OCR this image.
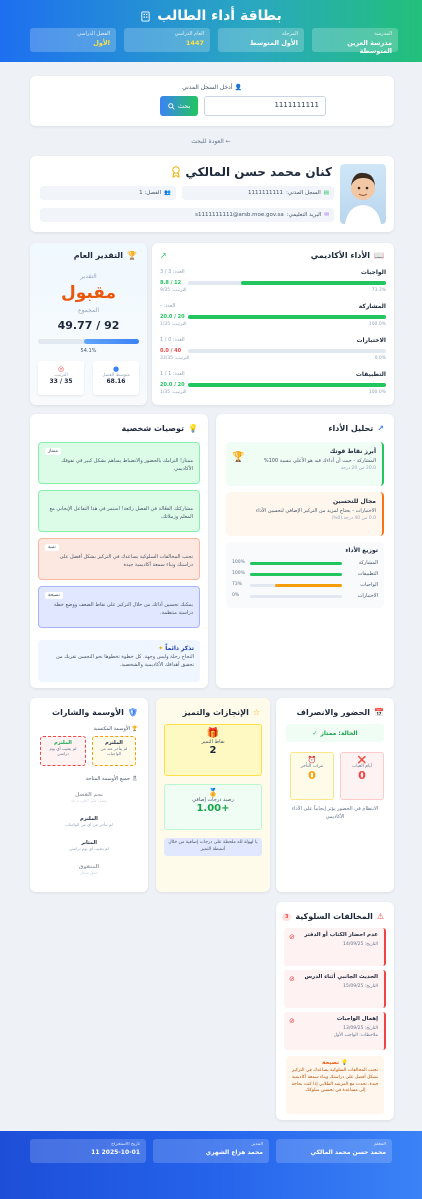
بطاقة أداء الطالب
المدرسة
مدرسة العرين المتوسطة
المرحلة
الأول المتوسط
العام الدراسي
1447
الفصل الدراسي
الأول
👤 أدخل السجل المدني
1111111111
بحث
← العودة للبحث
كنان محمد حسن المالكي
▤
السجل المدني:
1111111111
👥
الفصل: 1
✉
البريد التعليمي:
s1111111111@arsb.moe.gov.sa
📖
الأداء الأكاديمي
↗
الواجبات
العدد: 3 / 3
12 / 8.8
الترتيب: 9/35	73.3%
المشاركة
العدد: -
20 / 20.0
الترتيب: 1/35	100.0%
الاختبارات
العدد: 0 / 1
40 / 0.0
الترتيب: 33/35	0.0%
التطبيقات
العدد: 1 / 1
20 / 20.0
الترتيب: 1/35	100.0%
🏆
التقدير العام
التقدير
مقبول
المجموع
92 / 49.77
54.1%
●
متوسط الفصل
68.16
◎
الترتيب
35 / 33
💡
توصيات شخصية
تذكر دائماً ✦
النجاح رحلة وليس وجهة. كل خطوة تخطوها نحو التحسن تقربك من تحقيق أهدافك الأكاديمية والشخصية.
ممتاز
ممتاز! التزامك بالحضور والانضباط يساهم بشكل كبير في تفوقك الأكاديمي
مشاركتك الفعّالة في الفصل رائعة! استمر في هذا التفاعل الإيجابي مع المعلم وزملائك.
تنبيه
تجنب المخالفات السلوكية يساعدك في التركيز بشكل أفضل على دراستك وبناء سمعة أكاديمية جيدة
نصيحة
يمكنك تحسين أدائك من خلال التركيز على نقاط الضعف ووضع خطة دراسية منتظمة.
↗
تحليل الأداء
أبرز نقاط قوتك
المشاركة - حيث أن أداءك فيه هو الأعلى بنسبة 100%
20.0 من 20 درجة
🏆
مجال للتحسين
الاختبارات - يحتاج لمزيد من التركيز الإضافي لتحسين الأداء
0.0 من 40 درجة (0%)
توزيع الأداء
المشاركة
100%
التطبيقات
100%
الواجبات
73%
الاختبارات
0%
📅
الحضور والانصراف
الحالة: ممتاز
✓
❌
أيام الغياب
0
⏰
مرات التأخر
0
الانتظام في الحضور يؤثر إيجابياً على الأداء الأكاديمي
☆
الإنجازات والتميز
🎁
نقاط التميز
2
🏅
رصيد درجات إضافي
+1.00
يا لهولة لله ملحظة على درجات إضافية من خلال أنشطة التميز
🛡
الأوسمة والشارات
🏆 الأوسمة المكتسبة
الملتزم
لم يتأخر عند من الواجبات
الملتزم
لم يتغيب أي يوم دراسي
🎗 جميع الأوسمة المتاحة
نجم الفصل
حصل على أعلى درجة
الملتزم
لم يتأخر عن أي من الواجبات
المثابر
لم يتغيب أي يوم دراسي
المتفوق
حقق ممتاز
⚠
المخالفات السلوكية
3
💡 نصيحة
تجنب المخالفات السلوكية يساعدك في التركيز بشكل أفضل على دراستك وبناء سمعة أكاديمية جيدة. تحدث مع المرشد الطلابي إذا كنت بحاجة إلى مساعدة في تحسين سلوكك.
عدم احضار الكتاب أو الدفتر
التاريخ: 14/09/25
⊘
الحديث الجانبي أثناء الدرس
التاريخ: 15/09/25
⊘
إهمال الواجبات
التاريخ: 13/09/25
ملاحظات: الواجب الأول
⊘
المعلم
محمد حسن محمد المالكي
المدير
محمد هزاع الشهري
تاريخ الاستخراج
2025-10-01 11
